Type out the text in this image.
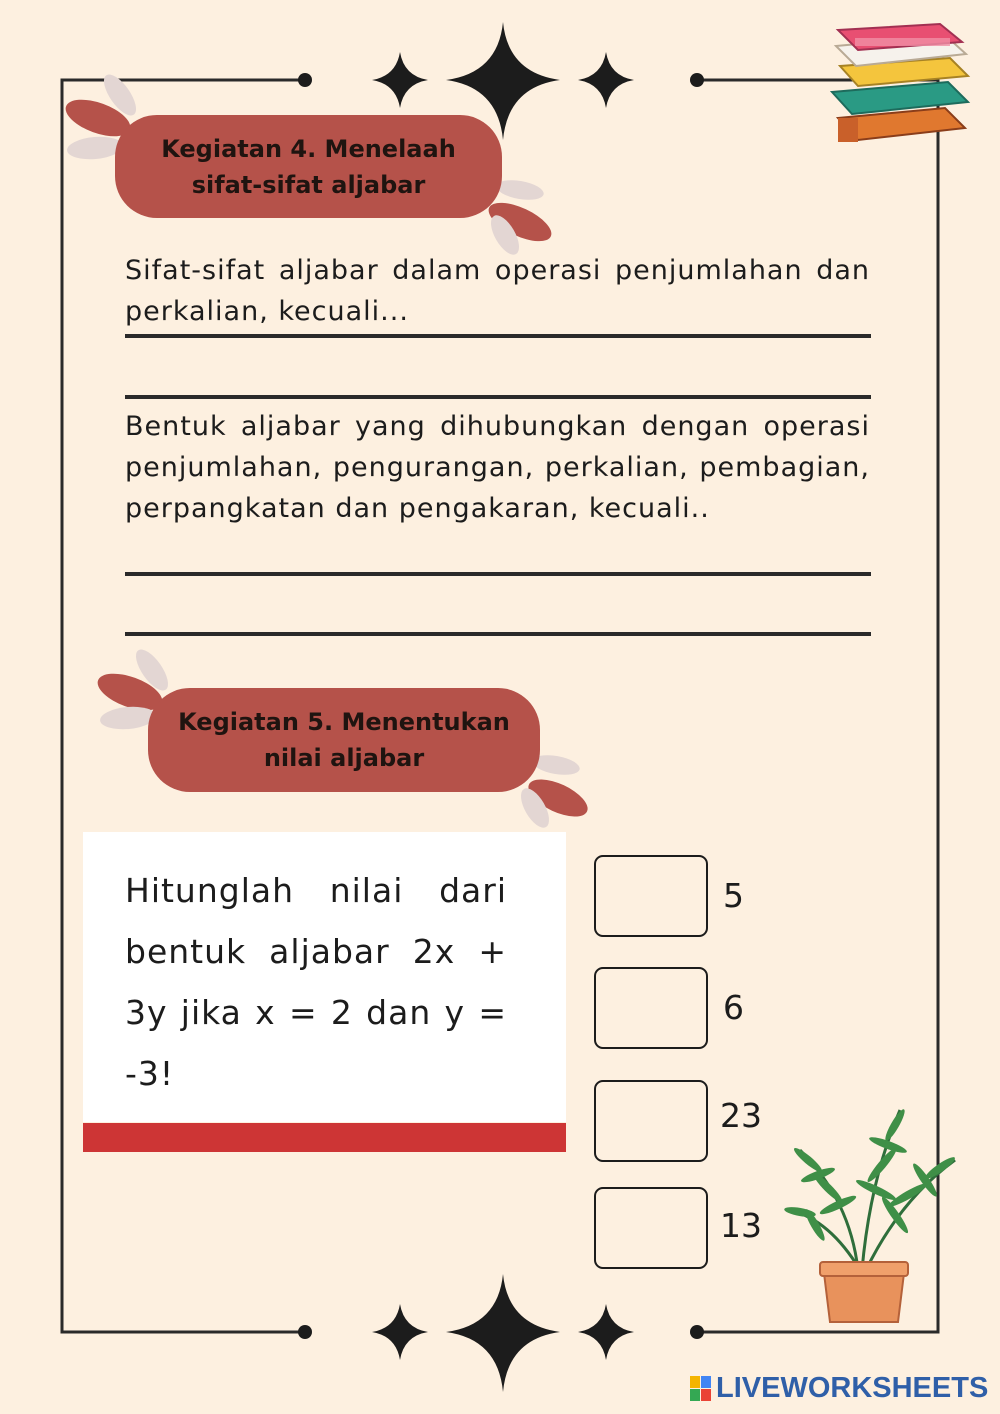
Kegiatan 4. Menelaah sifat-sifat aljabar

Sifat-sifat aljabar dalam operasi penjumlahan dan perkalian, kecuali...

Bentuk aljabar yang dihubungkan dengan operasi penjumlahan, pengurangan, perkalian, pembagian, perpangkatan dan pengakaran, kecuali..

Kegiatan 5. Menentukan nilai aljabar

Hitunglah nilai dari bentuk aljabar 2x + 3y jika x = 2 dan y = -3!

5
6
23
13
LIVEWORKSHEETS
